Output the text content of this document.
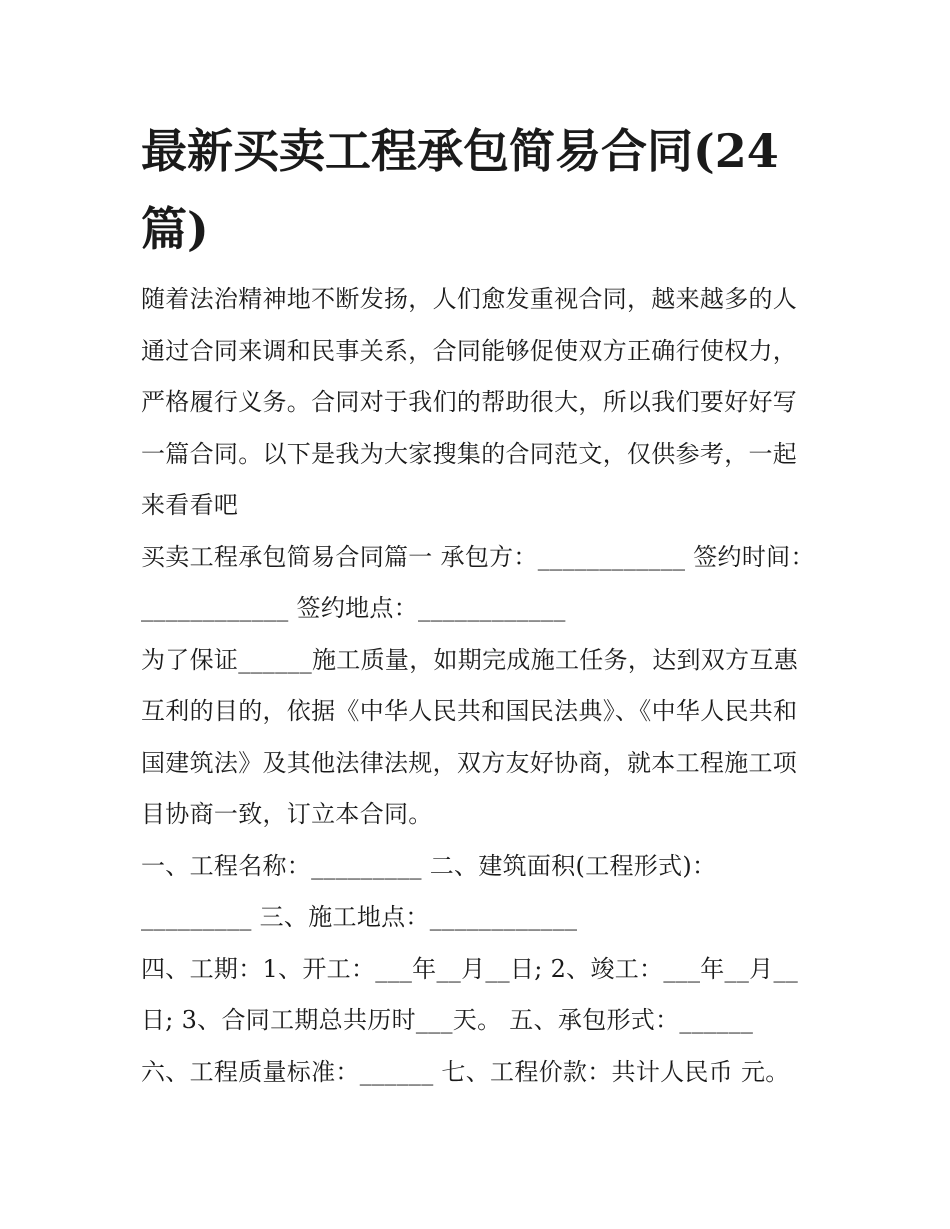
最新买卖工程承包简易合同(24篇)

随着法治精神地不断发扬，人们愈发重视合同，越来越多的人通过合同来调和民事关系，合同能够促使双方正确行使权力，严格履行义务。合同对于我们的帮助很大，所以我们要好好写一篇合同。以下是我为大家搜集的合同范文，仅供参考，一起来看看吧

买卖工程承包简易合同篇一 承包方：____________ 签约时间：____________ 签约地点：____________

为了保证______施工质量，如期完成施工任务，达到双方互惠互利的目的，依据《中华人民共和国民法典》、《中华人民共和国建筑法》及其他法律法规，双方友好协商，就本工程施工项目协商一致，订立本合同。

一、工程名称：_________ 二、建筑面积(工程形式)：_________ 三、施工地点：____________

四、工期：1、开工：___年__月__日; 2、竣工：___年__月__日; 3、合同工期总共历时___天。 五、承包形式：______

六、工程质量标准：______ 七、工程价款：共计人民币 元。
